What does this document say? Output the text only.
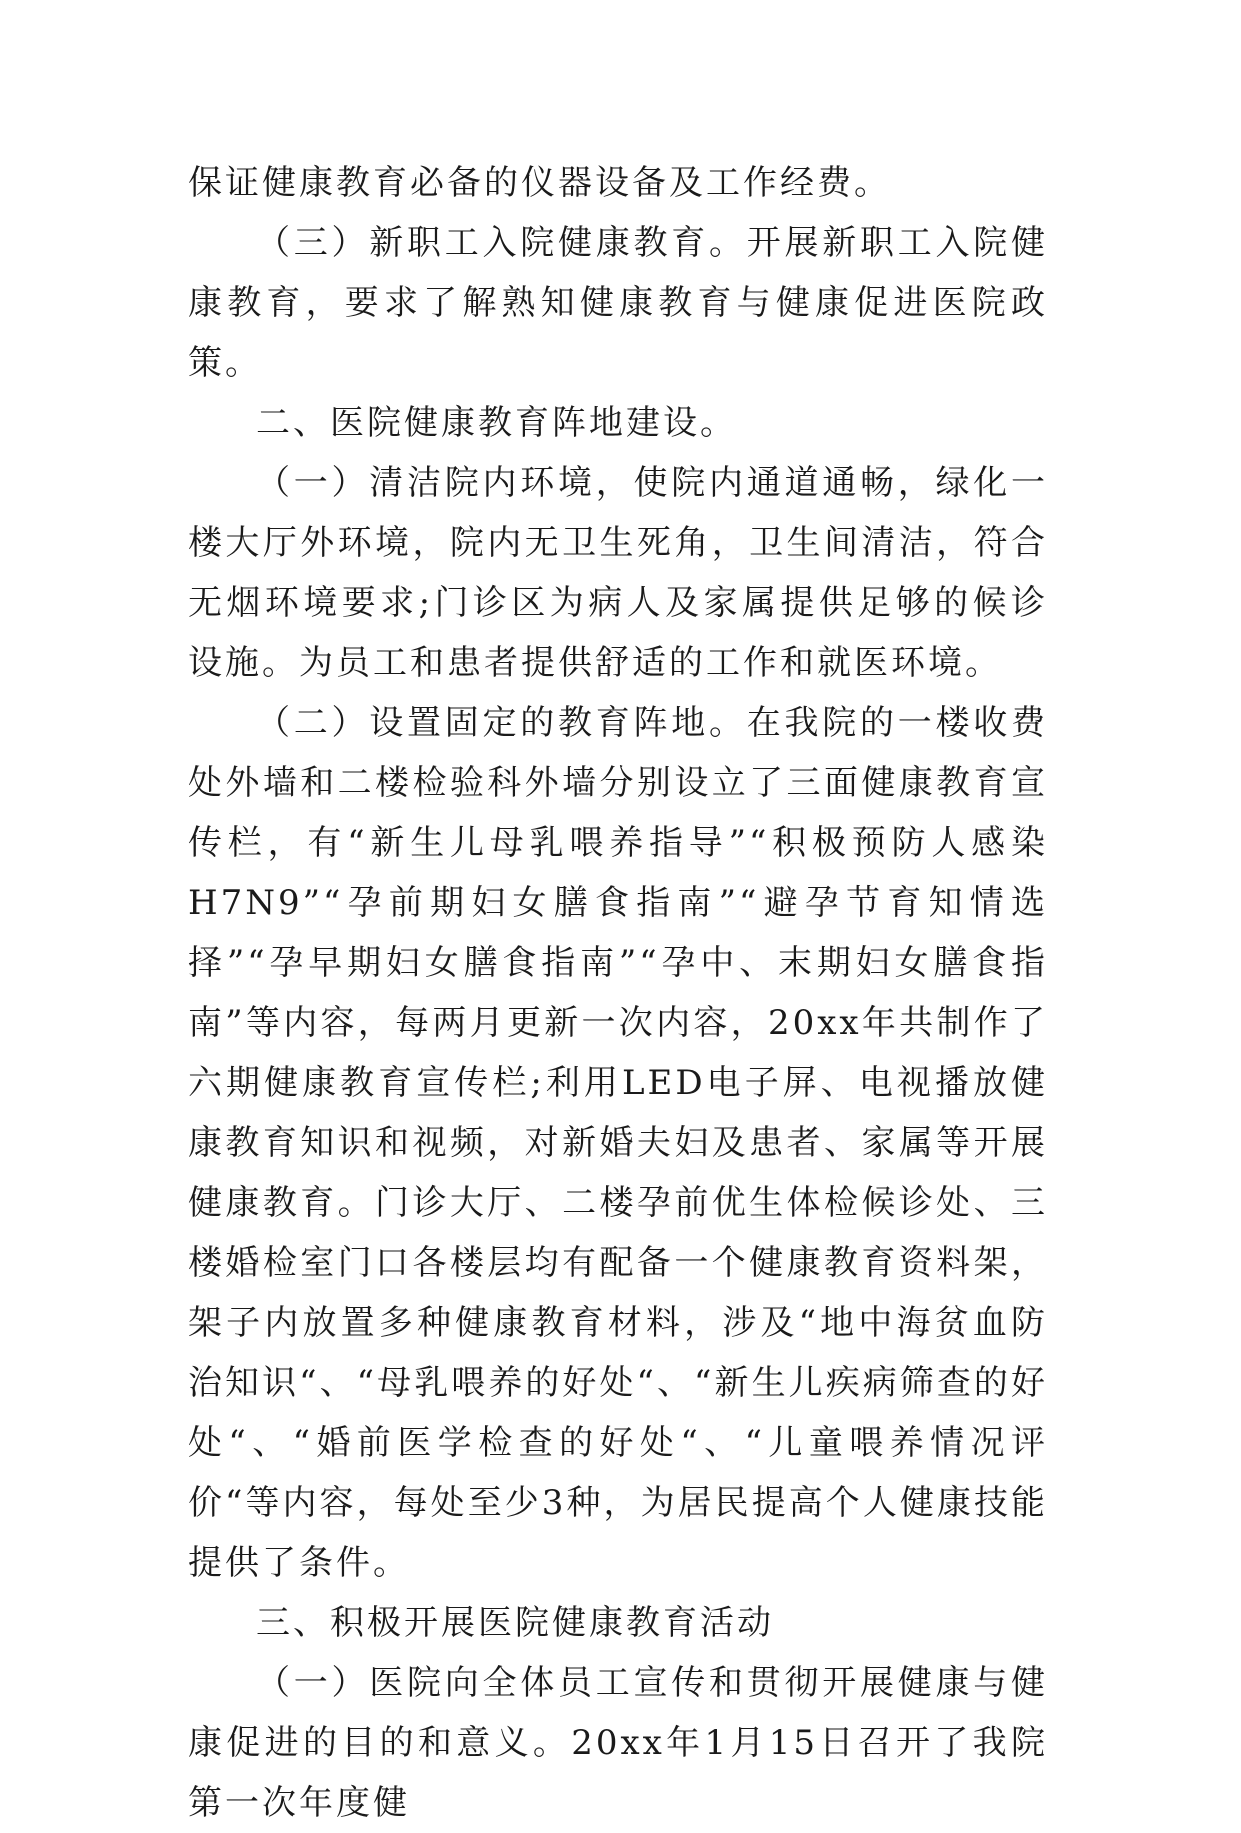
保证健康教育必备的仪器设备及工作经费。

（三）新职工入院健康教育。开展新职工入院健康教育，要求了解熟知健康教育与健康促进医院政策。

二、医院健康教育阵地建设。

（一）清洁院内环境，使院内通道通畅，绿化一楼大厅外环境，院内无卫生死角，卫生间清洁，符合无烟环境要求;门诊区为病人及家属提供足够的候诊设施。为员工和患者提供舒适的工作和就医环境。

（二）设置固定的教育阵地。在我院的一楼收费处外墙和二楼检验科外墙分别设立了三面健康教育宣传栏，有“新生儿母乳喂养指导”“积极预防人感染H7N9”“孕前期妇女膳食指南”“避孕节育知情选择”“孕早期妇女膳食指南”“孕中、末期妇女膳食指南”等内容，每两月更新一次内容，20xx年共制作了六期健康教育宣传栏;利用LED电子屏、电视播放健康教育知识和视频，对新婚夫妇及患者、家属等开展健康教育。门诊大厅、二楼孕前优生体检候诊处、三楼婚检室门口各楼层均有配备一个健康教育资料架，架子内放置多种健康教育材料，涉及“地中海贫血防治知识“、“母乳喂养的好处“、“新生儿疾病筛查的好处“、“婚前医学检查的好处“、“儿童喂养情况评价“等内容，每处至少3种，为居民提高个人健康技能提供了条件。

三、积极开展医院健康教育活动

（一）医院向全体员工宣传和贯彻开展健康与健康促进的目的和意义。20xx年1月15日召开了我院第一次年度健
